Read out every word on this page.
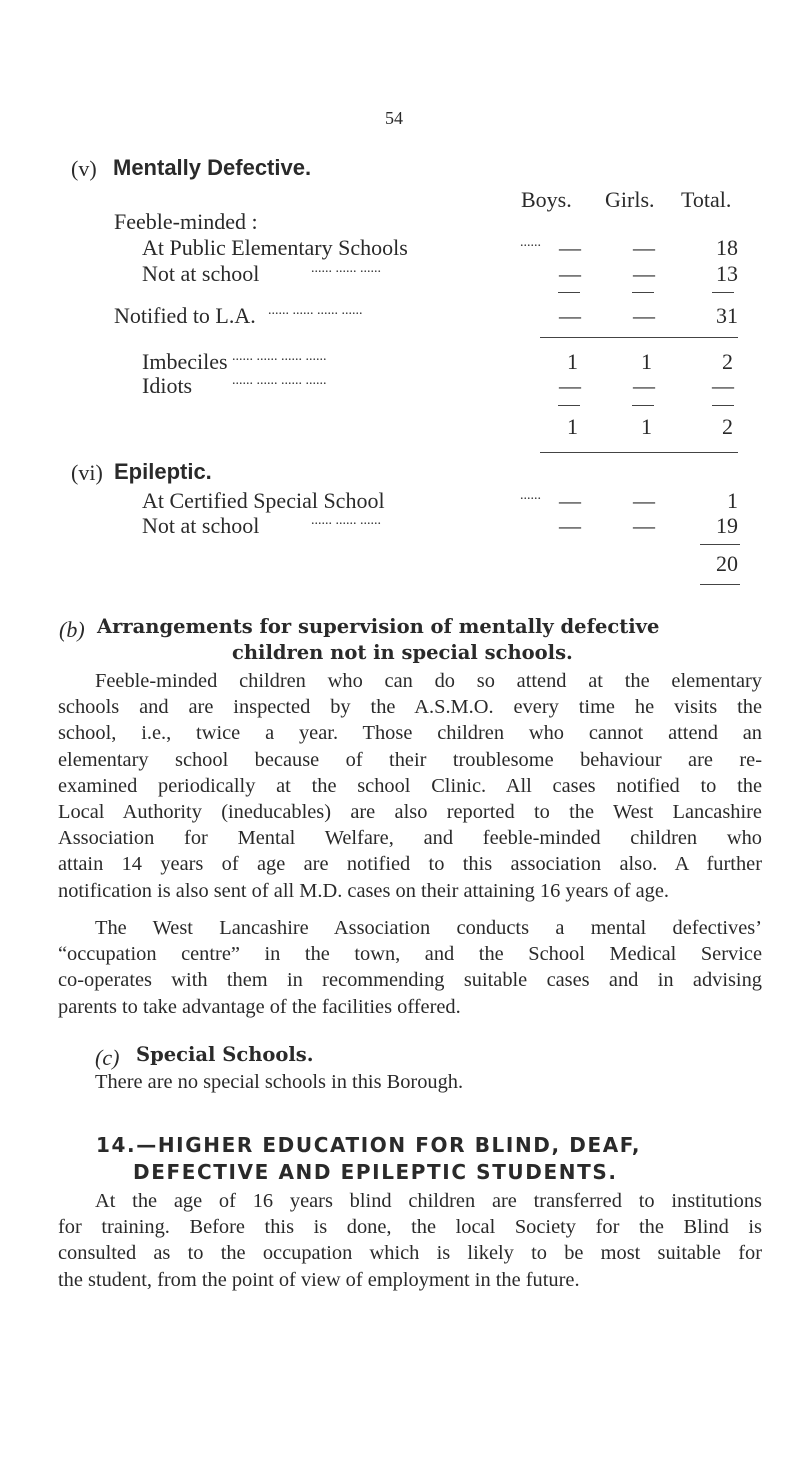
54
(v) Mentally Defective.
Boys. Girls. Total.
Feeble-minded :
At Public Elementary Schools	...... —	—	18
Not at school	...... ...... ......	—	—	13
Notified to L.A. ...... ...... ...... ......	—	—	31
Imbeciles ...... ...... ...... ......	1	1	2
Idiots	...... ...... ...... ......	—	—	—
1	1	2
(vi) Epileptic.
At Certified Special School	...... —	—	1
Not at school	...... ...... ......	—	—	19
20
(b) Arrangements for supervision of mentally defective
children not in special schools.
Feeble-minded children who can do so attend at the elementary
schools and are inspected by the A.S.M.O. every time he visits the
school, i.e., twice a year. Those children who cannot attend an
elementary school because of their troublesome behaviour are re-
examined periodically at the school Clinic. All cases notified to the
Local Authority (ineducables) are also reported to the West Lancashire
Association for Mental Welfare, and feeble-minded children who
attain 14 years of age are notified to this association also. A further
notification is also sent of all M.D. cases on their attaining 16 years of age.
The West Lancashire Association conducts a mental defectives’
“occupation centre” in the town, and the School Medical Service
co-operates with them in recommending suitable cases and in advising
parents to take advantage of the facilities offered.
(c) Special Schools.
There are no special schools in this Borough.
14.—HIGHER EDUCATION FOR BLIND, DEAF,
DEFECTIVE AND EPILEPTIC STUDENTS.
At the age of 16 years blind children are transferred to institutions
for training. Before this is done, the local Society for the Blind is
consulted as to the occupation which is likely to be most suitable for
the student, from the point of view of employment in the future.
